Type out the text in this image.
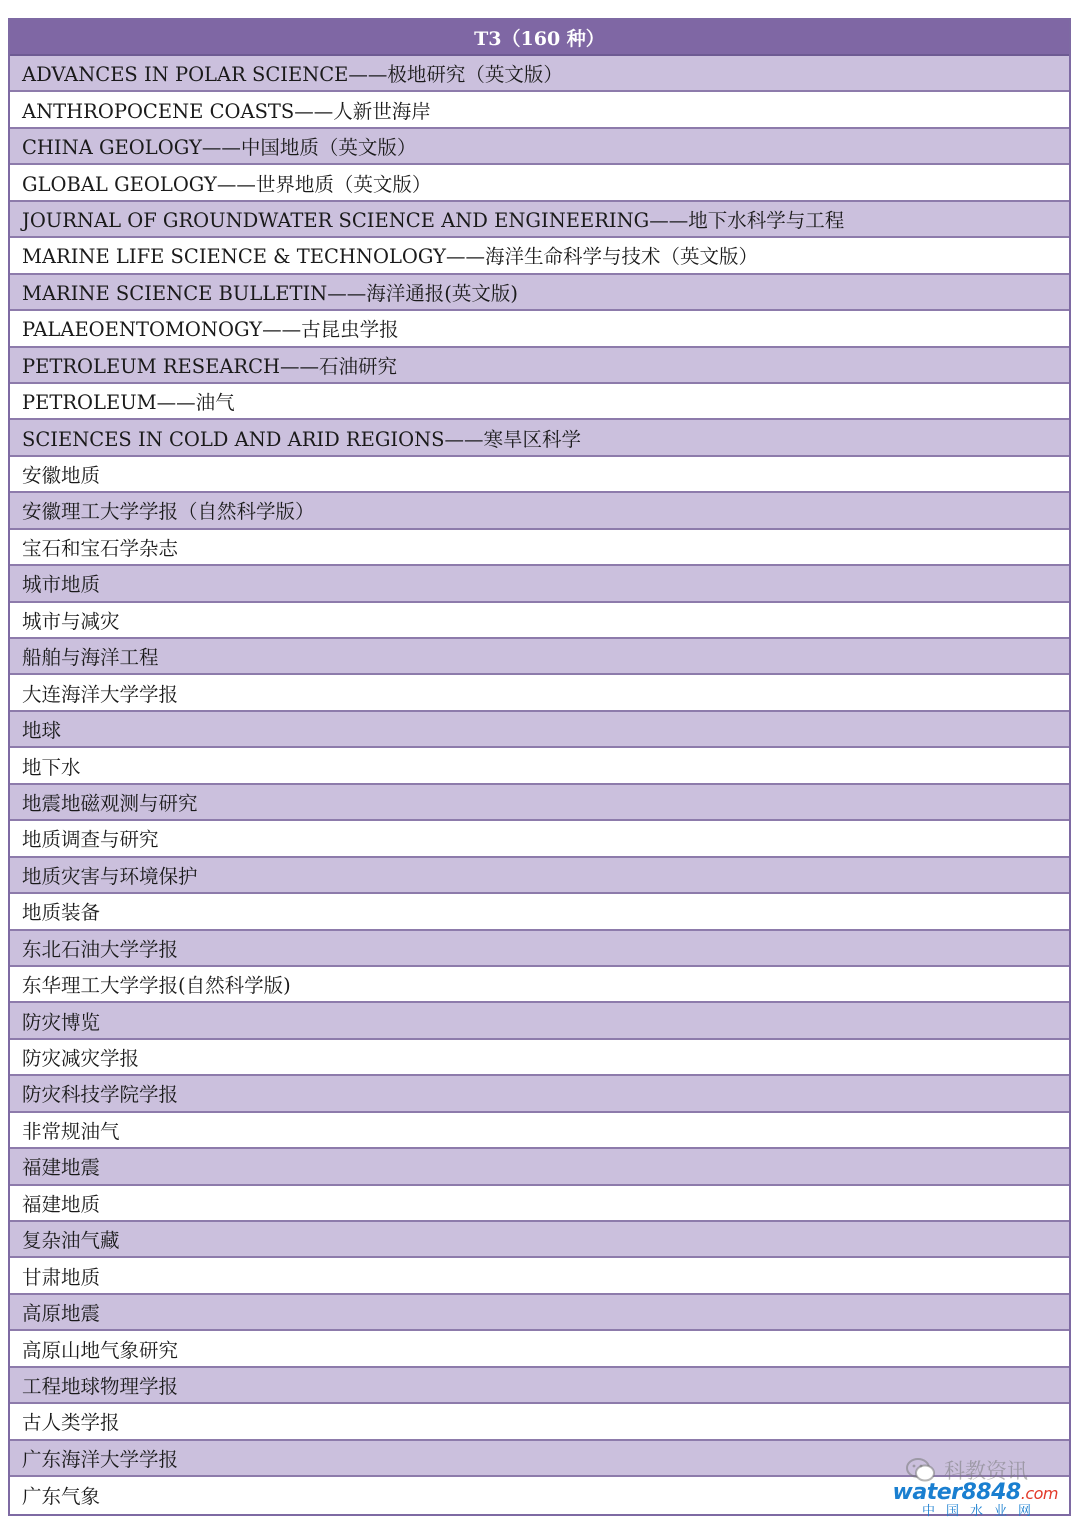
T3（160 种）
ADVANCES IN POLAR SCIENCE——极地研究（英文版）
ANTHROPOCENE COASTS——人新世海岸
CHINA GEOLOGY——中国地质（英文版）
GLOBAL GEOLOGY——世界地质（英文版）
JOURNAL OF GROUNDWATER SCIENCE AND ENGINEERING——地下水科学与工程
MARINE LIFE SCIENCE & TECHNOLOGY——海洋生命科学与技术（英文版）
MARINE SCIENCE BULLETIN——海洋通报(英文版)
PALAEOENTOMONOGY——古昆虫学报
PETROLEUM RESEARCH——石油研究
PETROLEUM——油气
SCIENCES IN COLD AND ARID REGIONS——寒旱区科学
安徽地质
安徽理工大学学报（自然科学版）
宝石和宝石学杂志
城市地质
城市与减灾
船舶与海洋工程
大连海洋大学学报
地球
地下水
地震地磁观测与研究
地质调查与研究
地质灾害与环境保护
地质装备
东北石油大学学报
东华理工大学学报(自然科学版)
防灾博览
防灾减灾学报
防灾科技学院学报
非常规油气
福建地震
福建地质
复杂油气藏
甘肃地质
高原地震
高原山地气象研究
工程地球物理学报
古人类学报
广东海洋大学学报
广东气象
科教资讯
water8848.com
中国水业网
